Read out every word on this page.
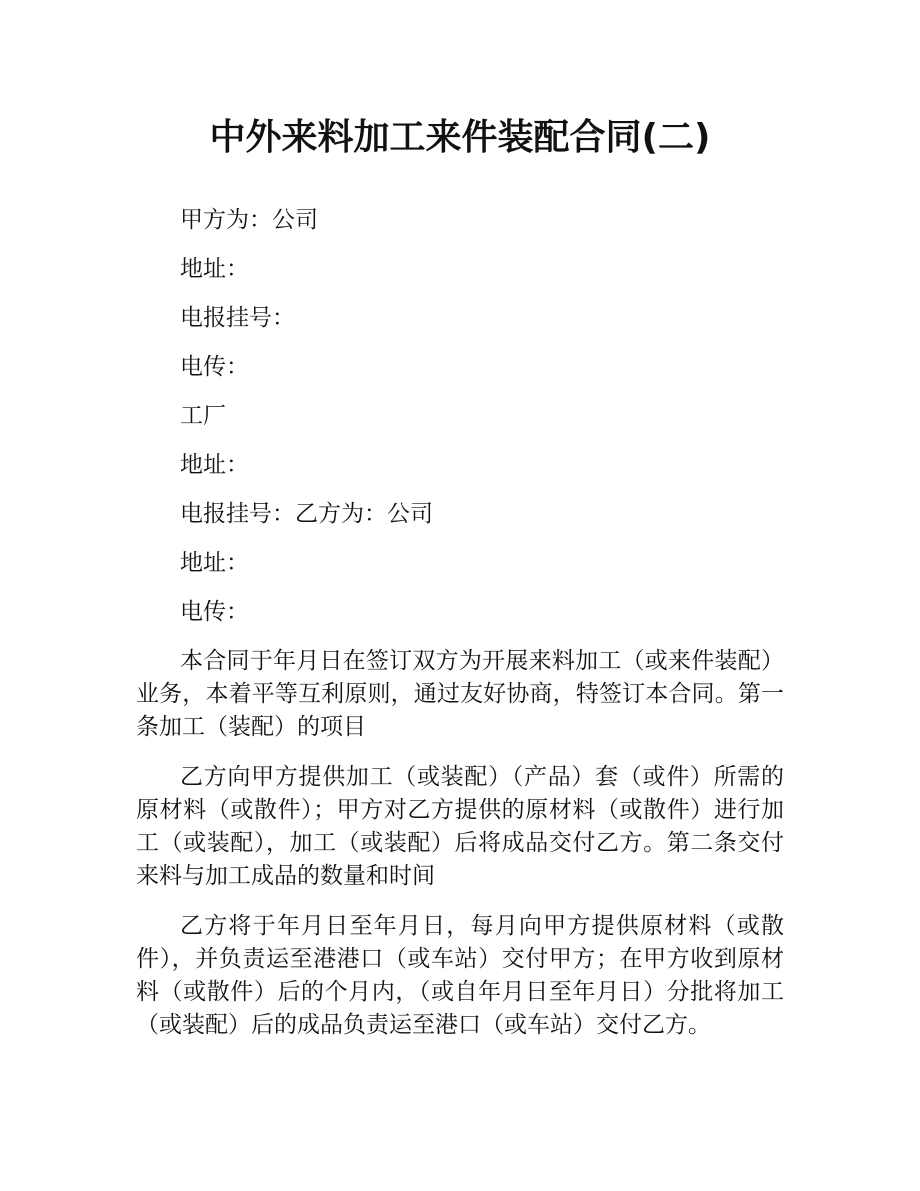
中外来料加工来件装配合同(二)

甲方为：公司

地址：

电报挂号：

电传：

工厂

地址：

电报挂号：乙方为：公司

地址：

电传：

本合同于年月日在签订双方为开展来料加工（或来件装配）业务，本着平等互利原则，通过友好协商，特签订本合同。第一条加工（装配）的项目

乙方向甲方提供加工（或装配）（产品）套（或件）所需的原材料（或散件）；甲方对乙方提供的原材料（或散件）进行加工（或装配），加工（或装配）后将成品交付乙方。第二条交付来料与加工成品的数量和时间

乙方将于年月日至年月日，每月向甲方提供原材料（或散件），并负责运至港港口（或车站）交付甲方；在甲方收到原材料（或散件）后的个月内，（或自年月日至年月日）分批将加工（或装配）后的成品负责运至港口（或车站）交付乙方。
